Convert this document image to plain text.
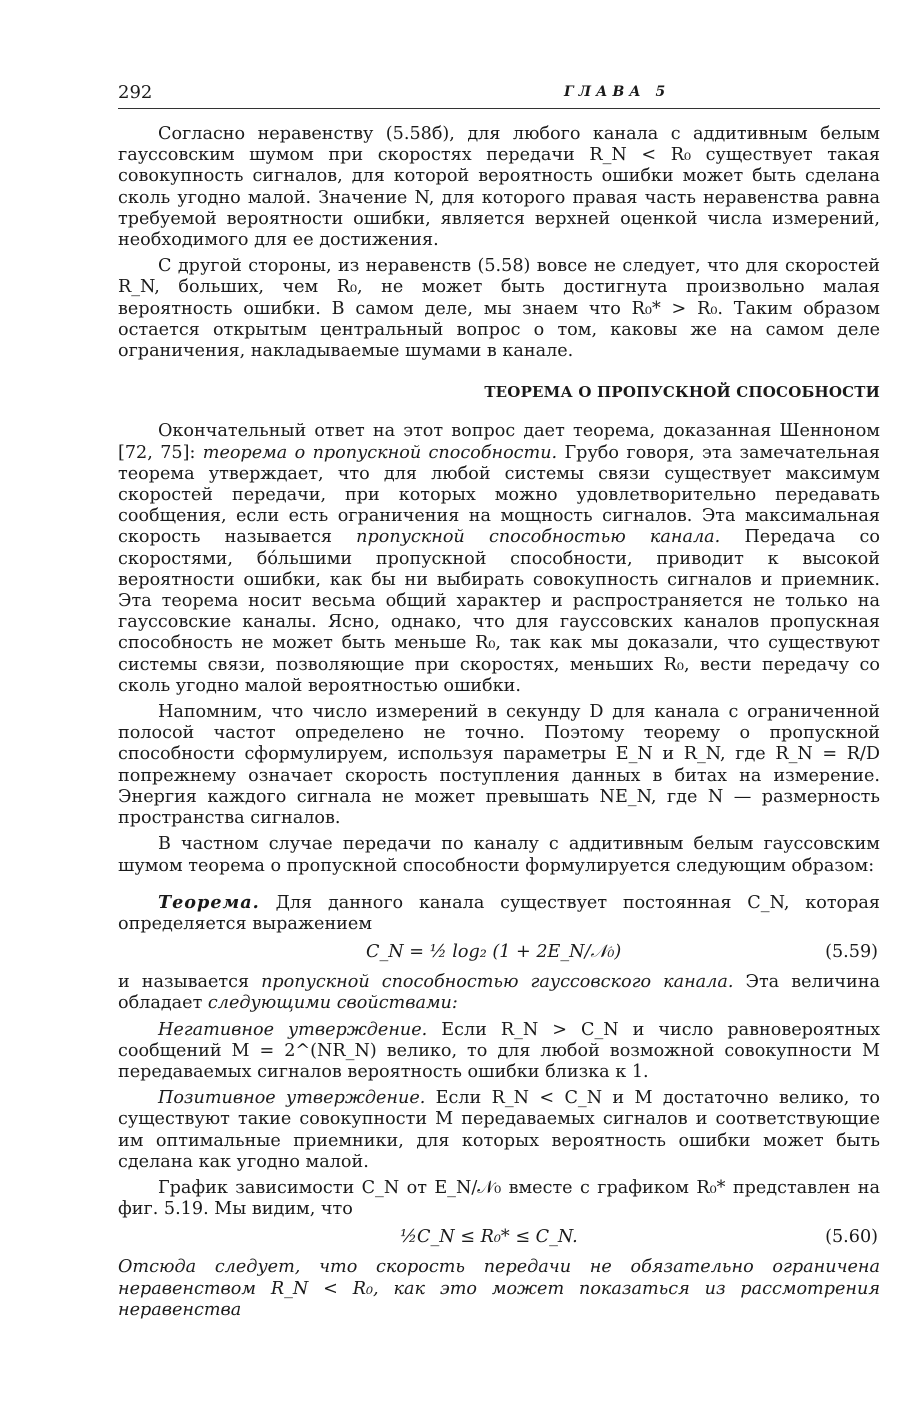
292	ГЛАВА 5

Согласно неравенству (5.58б), для любого канала с аддитивным белым гауссовским шумом при скоростях передачи R_N < R₀ существует такая совокупность сигналов, для которой вероятность ошибки может быть сделана сколь угодно малой. Значение N, для которого правая часть неравенства равна требуемой вероятности ошибки, является верхней оценкой числа измерений, необходимого для ее достижения.

С другой стороны, из неравенств (5.58) вовсе не следует, что для скоростей R_N, больших, чем R₀, не может быть достигнута произвольно малая вероятность ошибки. В самом деле, мы знаем что R₀* > R₀. Таким образом остается открытым центральный вопрос о том, каковы же на самом деле ограничения, накладываемые шумами в канале.

ТЕОРЕМА О ПРОПУСКНОЙ СПОСОБНОСТИ

Окончательный ответ на этот вопрос дает теорема, доказанная Шенноном [72, 75]: теорема о пропускной способности. Грубо говоря, эта замечательная теорема утверждает, что для любой системы связи существует максимум скоростей передачи, при которых можно удовлетворительно передавать сообщения, если есть ограничения на мощность сигналов. Эта максимальная скорость называется пропускной способностью канала. Передача со скоростями, бóльшими пропускной способности, приводит к высокой вероятности ошибки, как бы ни выбирать совокупность сигналов и приемник. Эта теорема носит весьма общий характер и распространяется не только на гауссовские каналы. Ясно, однако, что для гауссовских каналов пропускная способность не может быть меньше R₀, так как мы доказали, что существуют системы связи, позволяющие при скоростях, меньших R₀, вести передачу со сколь угодно малой вероятностью ошибки.

Напомним, что число измерений в секунду D для канала с ограниченной полосой частот определено не точно. Поэтому теорему о пропускной способности сформулируем, используя параметры E_N и R_N, где R_N = R/D попрежнему означает скорость поступления данных в битах на измерение. Энергия каждого сигнала не может превышать NE_N, где N — размерность пространства сигналов.

В частном случае передачи по каналу с аддитивным белым гауссовским шумом теорема о пропускной способности формулируется следующим образом:

Теорема. Для данного канала существует постоянная C_N, которая определяется выражением

C_N = ½ log₂ (1 + 2E_N/𝒩₀)	(5.59)

и называется пропускной способностью гауссовского канала. Эта величина обладает следующими свойствами:

Негативное утверждение. Если R_N > C_N и число равновероятных сообщений M = 2^(NR_N) велико, то для любой возможной совокупности M передаваемых сигналов вероятность ошибки близка к 1.

Позитивное утверждение. Если R_N < C_N и M достаточно велико, то существуют такие совокупности M передаваемых сигналов и соответствующие им оптимальные приемники, для которых вероятность ошибки может быть сделана как угодно малой.

График зависимости C_N от E_N/𝒩₀ вместе с графиком R₀* представлен на фиг. 5.19. Мы видим, что

½C_N ≤ R₀* ≤ C_N.	(5.60)

Отсюда следует, что скорость передачи не обязательно ограничена неравенством R_N < R₀, как это может показаться из рассмотрения неравенства
